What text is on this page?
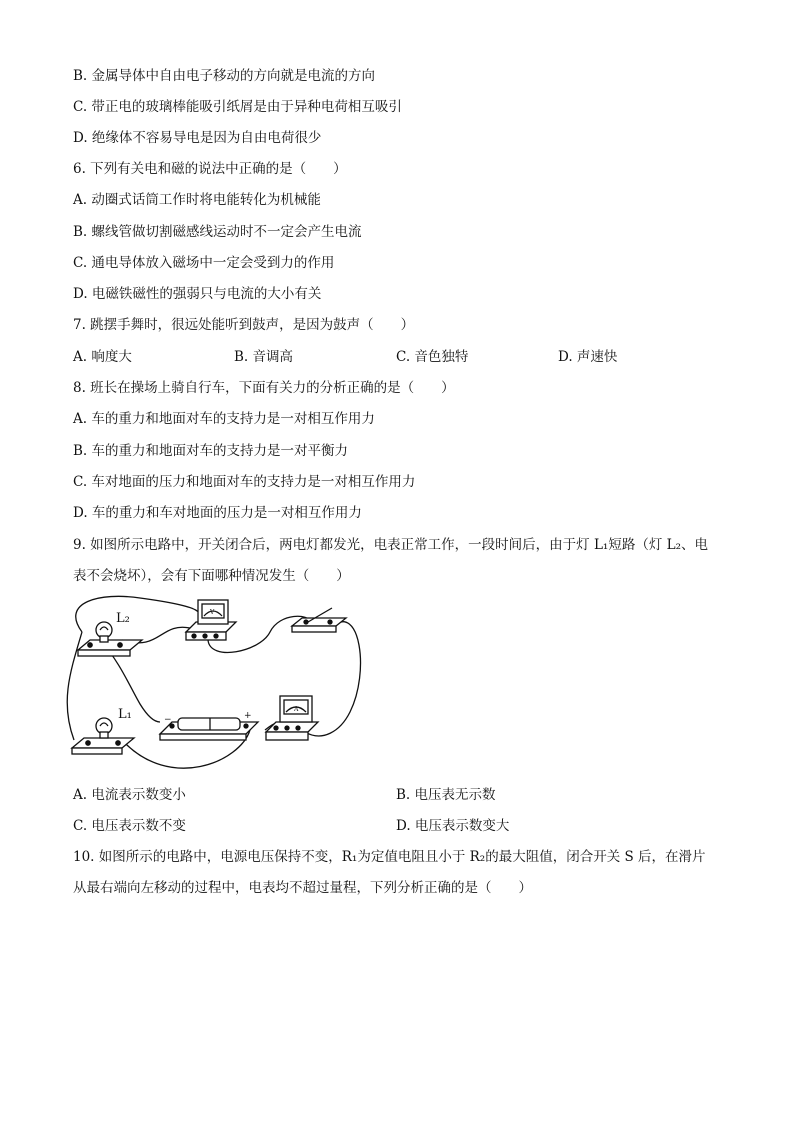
B. 金属导体中自由电子移动的方向就是电流的方向
C. 带正电的玻璃棒能吸引纸屑是由于异种电荷相互吸引
D. 绝缘体不容易导电是因为自由电荷很少
6. 下列有关电和磁的说法中正确的是（　　）
A. 动圈式话筒工作时将电能转化为机械能
B. 螺线管做切割磁感线运动时不一定会产生电流
C. 通电导体放入磁场中一定会受到力的作用
D. 电磁铁磁性的强弱只与电流的大小有关
7. 跳摆手舞时，很远处能听到鼓声，是因为鼓声（　　）
A. 响度大	B. 音调高	C. 音色独特	D. 声速快
8. 班长在操场上骑自行车，下面有关力的分析正确的是（　　）
A. 车的重力和地面对车的支持力是一对相互作用力
B. 车的重力和地面对车的支持力是一对平衡力
C. 车对地面的压力和地面对车的支持力是一对相互作用力
D. 车的重力和车对地面的压力是一对相互作用力
9. 如图所示电路中，开关闭合后，两电灯都发光，电表正常工作，一段时间后，由于灯 L₁短路（灯 L₂、电
表不会烧坏），会有下面哪种情况发生（　　）
L₂
L₁
V
−	+
A
A. 电流表示数变小	B. 电压表无示数
C. 电压表示数不变	D. 电压表示数变大
10. 如图所示的电路中，电源电压保持不变，R₁为定值电阻且小于 R₂的最大阻值，闭合开关 S 后，在滑片
从最右端向左移动的过程中，电表均不超过量程，下列分析正确的是（　　）
